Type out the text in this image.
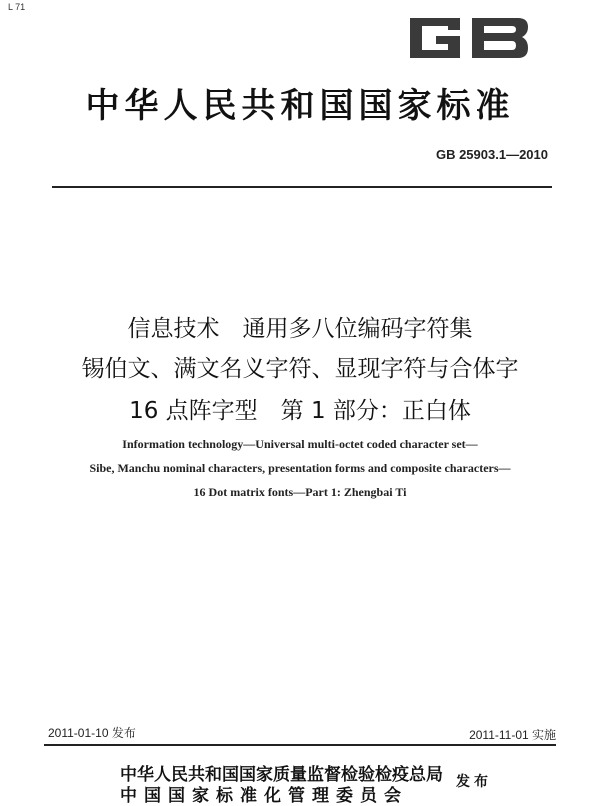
L 71
中华人民共和国国家标准
GB 25903.1—2010
信息技术　通用多八位编码字符集
锡伯文、满文名义字符、显现字符与合体字
16 点阵字型　第 1 部分：正白体
Information technology—Universal multi-octet coded character set—
Sibe, Manchu nominal characters, presentation forms and composite characters—
16 Dot matrix fonts—Part 1: Zhengbai Ti
2011-01-10 发布	2011-11-01 实施
中华人民共和国国家质量监督检验检疫总局
中国国家标准化管理委员会
发布
